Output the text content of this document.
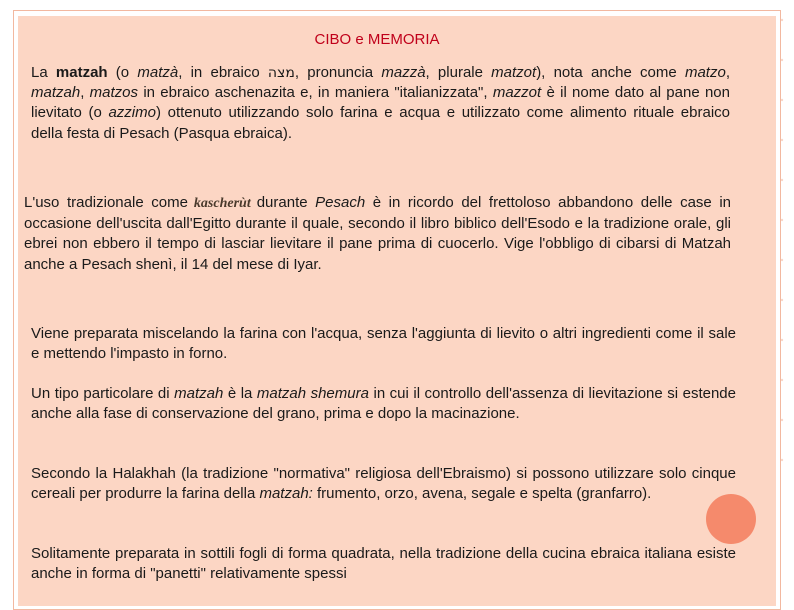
CIBO e MEMORIA
La matzah (o matzà, in ebraico מצה, pronuncia mazzà, plurale matzot), nota anche come matzo, matzah, matzos in ebraico aschenazita e, in maniera "italianizzata", mazzot è il nome dato al pane non lievitato (o azzimo) ottenuto utilizzando solo farina e acqua e utilizzato come alimento rituale ebraico della festa di Pesach (Pasqua ebraica).
L'uso tradizionale come kascherùt durante Pesach è in ricordo del frettoloso abbandono delle case in occasione dell'uscita dall'Egitto durante il quale, secondo il libro biblico dell'Esodo e la tradizione orale, gli ebrei non ebbero il tempo di lasciar lievitare il pane prima di cuocerlo. Vige l'obbligo di cibarsi di Matzah anche a Pesach shenì, il 14 del mese di Iyar.
Viene preparata miscelando la farina con l'acqua, senza l'aggiunta di lievito o altri ingredienti come il sale e mettendo l'impasto in forno.
Un tipo particolare di matzah è la matzah shemura in cui il controllo dell'assenza di lievitazione si estende anche alla fase di conservazione del grano, prima e dopo la macinazione.
Secondo la Halakhah (la tradizione "normativa" religiosa dell'Ebraismo) si possono utilizzare solo cinque cereali per produrre la farina della matzah: frumento, orzo, avena, segale e spelta (granfarro).
Solitamente preparata in sottili fogli di forma quadrata, nella tradizione della cucina ebraica italiana esiste anche in forma di "panetti" relativamente spessi
